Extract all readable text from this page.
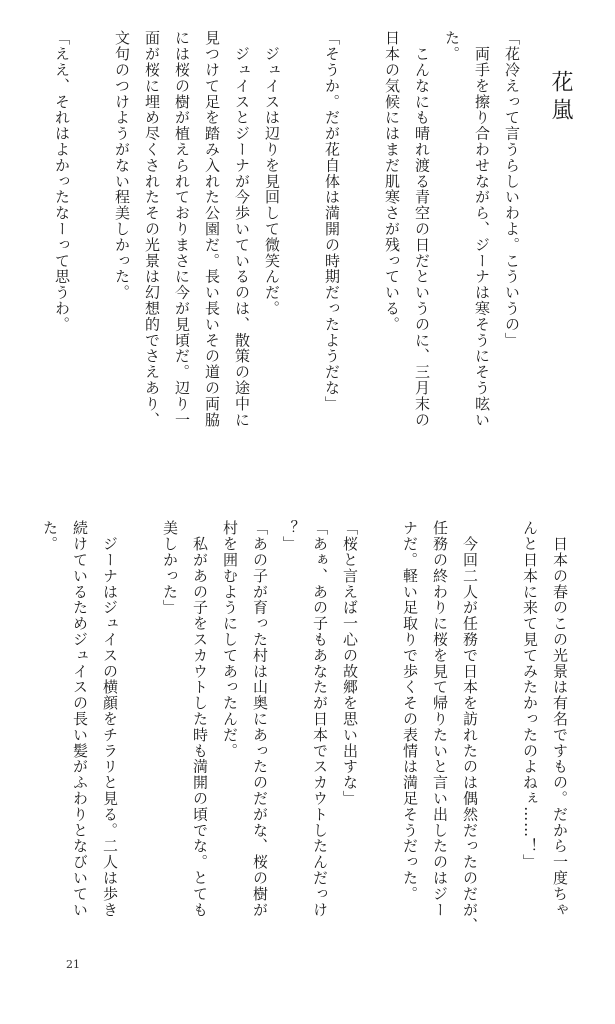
花嵐

「花冷えって言うらしいわよ。こういうの」

　両手を擦り合わせながら、ジーナは寒そうにそう呟い

た。

　こんなにも晴れ渡る青空の日だというのに、三月末の

日本の気候にはまだ肌寒さが残っている。

「そうか。だが花自体は満開の時期だったようだな」

　ジュイスは辺りを見回して微笑んだ。

　ジュイスとジーナが今歩いているのは、散策の途中に

見つけて足を踏み入れた公園だ。長い長いその道の両脇

には桜の樹が植えられておりまさに今が見頃だ。辺り一

面が桜に埋め尽くされたその光景は幻想的でさえあり、

文句のつけようがない程美しかった。

「ええ、それはよかったなーって思うわ。

　日本の春のこの光景は有名ですもの。だから一度ちゃ

んと日本に来て見てみたかったのよねぇ……！」

　今回二人が任務で日本を訪れたのは偶然だったのだが、

任務の終わりに桜を見て帰りたいと言い出したのはジー

ナだ。軽い足取りで歩くその表情は満足そうだった。

「桜と言えば一心の故郷を思い出すな」

「あぁ、あの子もあなたが日本でスカウトしたんだっけ

？」

「あの子が育った村は山奥にあったのだがな、桜の樹が

村を囲むようにしてあったんだ。

　私があの子をスカウトした時も満開の頃でな。とても

美しかった」

　ジーナはジュイスの横顔をチラリと見る。二人は歩き

続けているためジュイスの長い髪がふわりとなびいてい

た。

21
